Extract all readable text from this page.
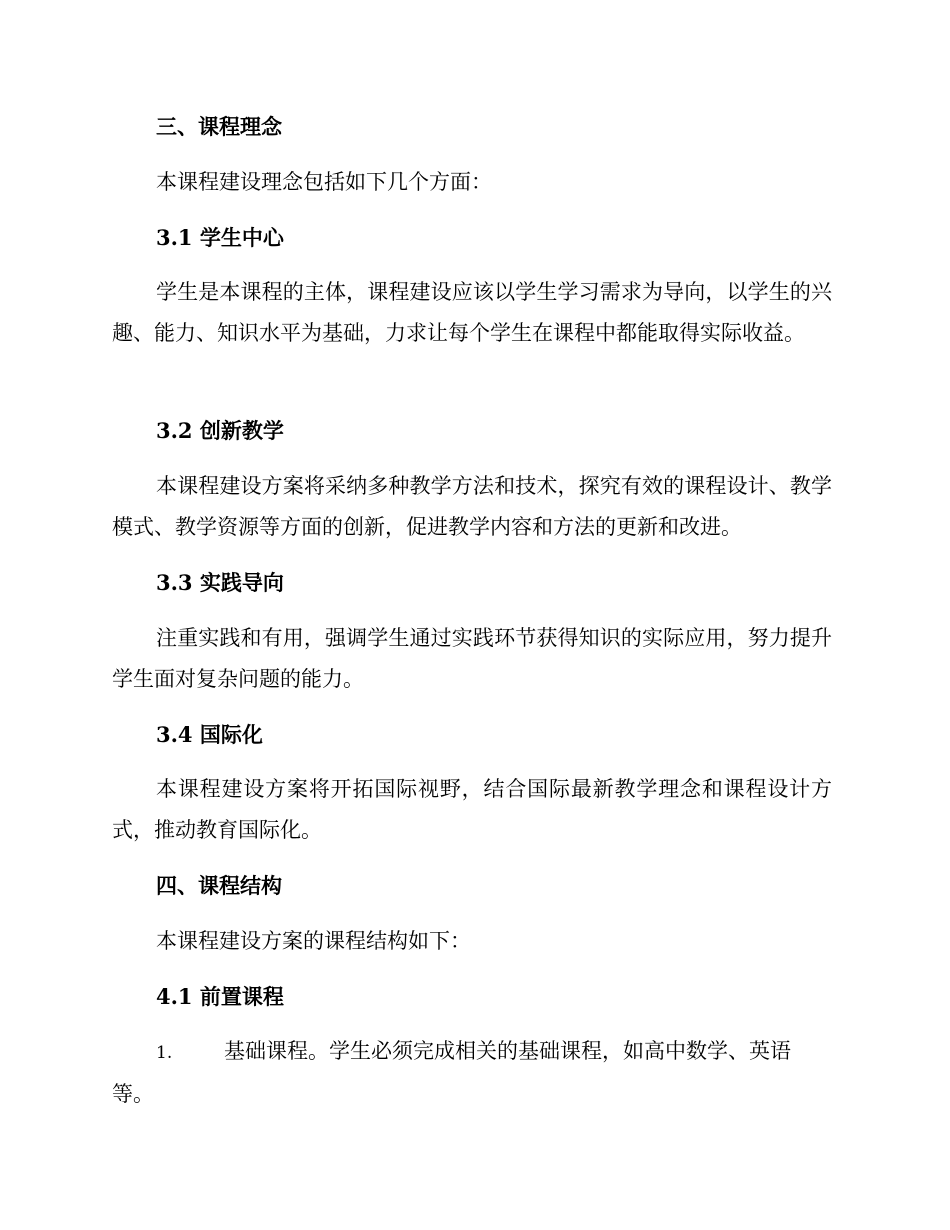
三、课程理念

本课程建设理念包括如下几个方面：

3.1 学生中心

学生是本课程的主体，课程建设应该以学生学习需求为导向，以学生的兴趣、能力、知识水平为基础，力求让每个学生在课程中都能取得实际收益。

3.2 创新教学

本课程建设方案将采纳多种教学方法和技术，探究有效的课程设计、教学模式、教学资源等方面的创新，促进教学内容和方法的更新和改进。

3.3 实践导向

注重实践和有用，强调学生通过实践环节获得知识的实际应用，努力提升学生面对复杂问题的能力。

3.4 国际化

本课程建设方案将开拓国际视野，结合国际最新教学理念和课程设计方式，推动教育国际化。

四、课程结构

本课程建设方案的课程结构如下：

4.1 前置课程
1. 基础课程。学生必须完成相关的基础课程，如高中数学、英语等。
